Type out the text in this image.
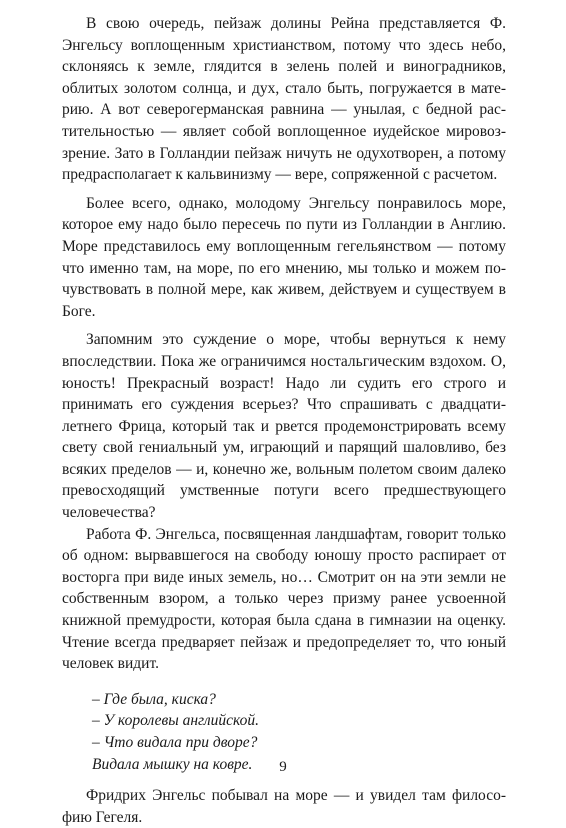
В свою очередь, пейзаж долины Рейна представляется Ф. Энгельсу воплощенным христианством, потому что здесь небо, склоняясь к земле, глядится в зелень полей и виноградников, облитых золотом солнца, и дух, стало быть, погружается в материю. А вот северогерманская равнина — унылая, с бедной растительностью — являет собой воплощенное иудейское мировоззрение. Зато в Голландии пейзаж ничуть не одухотворен, а потому предрасполагает к кальвинизму — вере, сопряженной с расчетом.

Более всего, однако, молодому Энгельсу понравилось море, которое ему надо было пересечь по пути из Голландии в Англию. Море представилось ему воплощенным гегельянством — потому что именно там, на море, по его мнению, мы только и можем почувствовать в полной мере, как живем, действуем и существуем в Боге.

Запомним это суждение о море, чтобы вернуться к нему впоследствии. Пока же ограничимся ностальгическим вздохом. О, юность! Прекрасный возраст! Надо ли судить его строго и принимать его суждения всерьез? Что спрашивать с двадцатилетнего Фрица, который так и рвется продемонстрировать всему свету свой гениальный ум, играющий и парящий шаловливо, без всяких пределов — и, конечно же, вольным полетом своим далеко превосходящий умственные потуги всего предшествующего человечества?

Работа Ф. Энгельса, посвященная ландшафтам, говорит только об одном: вырвавшегося на свободу юношу просто распирает от восторга при виде иных земель, но… Смотрит он на эти земли не собственным взором, а только через призму ранее усвоенной книжной премудрости, которая была сдана в гимназии на оценку. Чтение всегда предваряет пейзаж и предопределяет то, что юный человек видит.

– Где была, киска?
– У королевы английской.
– Что видала при дворе?
Видала мышку на ковре.

Фридрих Энгельс побывал на море — и увидел там философию Гегеля.

9
